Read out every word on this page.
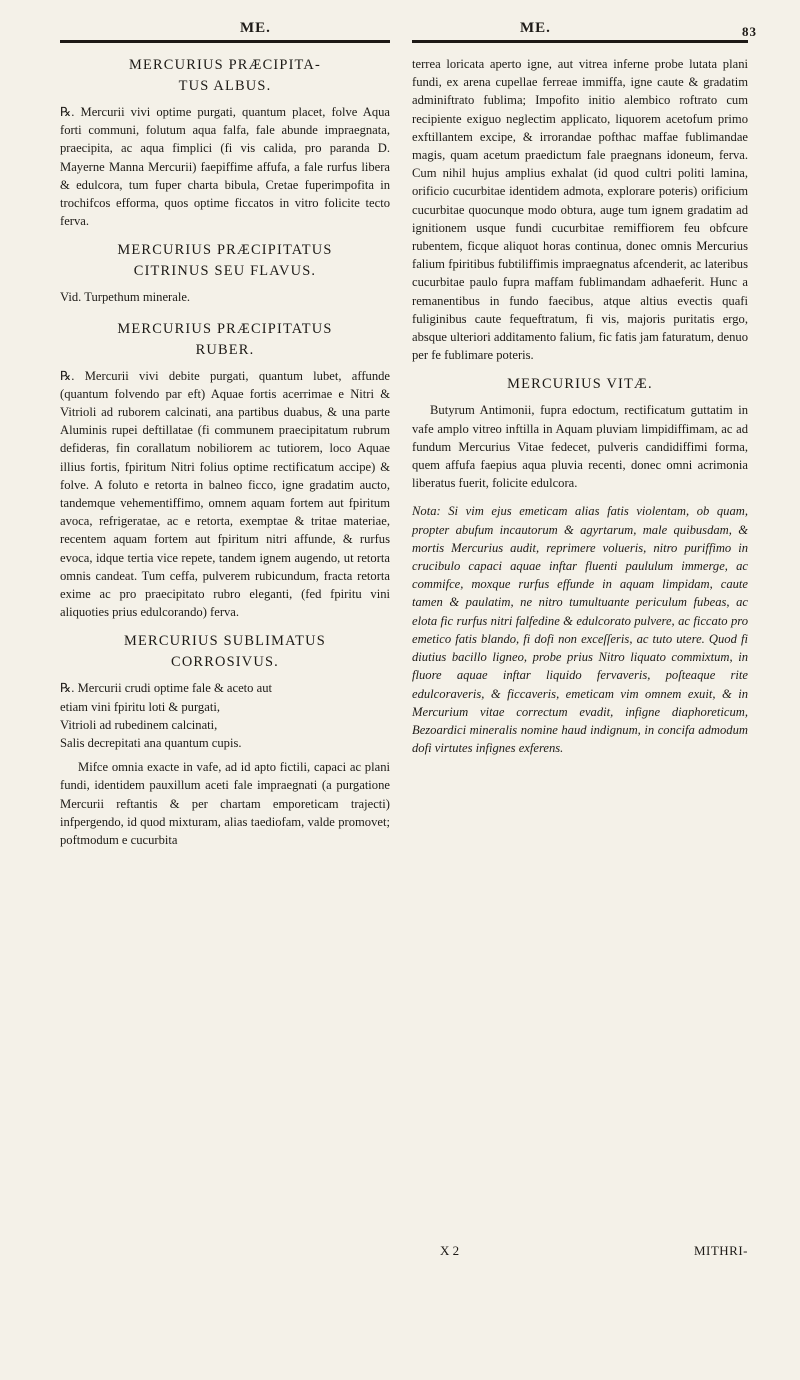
ME.	ME.	83
MERCURIUS PRÆCIPITA-
TUS ALBUS.

℞. Mercurii vivi optime purgati, quantum placet, folve Aqua forti communi, folutum aqua falfa, fale abunde impraegnata, praecipita, ac aqua fimplici (fi vis calida, pro paranda D. Mayerne Manna Mercurii) faepiffime affufa, a fale rurfus libera & edulcora, tum fuper charta bibula, Cretae fuperimpofita in trochifcos efforma, quos optime ficcatos in vitro folicite tecto ferva.

MERCURIUS PRÆCIPITATUS
CITRINUS SEU FLAVUS.

Vid. Turpethum minerale.

MERCURIUS PRÆCIPITATUS
RUBER.

℞. Mercurii vivi debite purgati, quantum lubet, affunde (quantum folvendo par eft) Aquae fortis acerrimae e Nitri & Vitrioli ad ruborem calcinati, ana partibus duabus, & una parte Aluminis rupei deftillatae (fi communem praecipitatum rubrum defideras, fin corallatum nobiliorem ac tutiorem, loco Aquae illius fortis, fpiritum Nitri folius optime rectificatum accipe) & folve. A foluto e retorta in balneo ficco, igne gradatim aucto, tandemque vehementiffimo, omnem aquam fortem aut fpiritum avoca, refrigeratae, ac e retorta, exemptae & tritae materiae, recentem aquam fortem aut fpiritum nitri affunde, & rurfus evoca, idque tertia vice repete, tandem ignem augendo, ut retorta omnis candeat. Tum ceffa, pulverem rubicundum, fracta retorta exime ac pro praecipitato rubro eleganti, (fed fpiritu vini aliquoties prius edulcorando) ferva.

MERCURIUS SUBLIMATUS
CORROSIVUS.

℞. Mercurii crudi optime fale & aceto aut

etiam vini fpiritu loti & purgati,

Vitrioli ad rubedinem calcinati,

Salis decrepitati ana quantum cupis.

Mifce omnia exacte in vafe, ad id apto fictili, capaci ac plani fundi, identidem pauxillum aceti fale impraegnati (a purgatione Mercurii reftantis & per chartam emporeticam trajecti) infpergendo, id quod mixturam, alias taediofam, valde promovet; poftmodum e cucurbita

terrea loricata aperto igne, aut vitrea inferne probe lutata plani fundi, ex arena cupellae ferreae immiffa, igne caute & gradatim adminiftrato fublima; Impofito initio alembico roftrato cum recipiente exiguo neglectim applicato, liquorem acetofum primo exftillantem excipe, & irrorandae pofthac maffae fublimandae magis, quam acetum praedictum fale praegnans idoneum, ferva. Cum nihil hujus amplius exhalat (id quod cultri politi lamina, orificio cucurbitae identidem admota, explorare poteris) orificium cucurbitae quocunque modo obtura, auge tum ignem gradatim ad ignitionem usque fundi cucurbitae remiffiorem feu obfcure rubentem, ficque aliquot horas continua, donec omnis Mercurius falium fpiritibus fubtiliffimis impraegnatus afcenderit, ac lateribus cucurbitae paulo fupra maffam fublimandam adhaeferit. Hunc a remanentibus in fundo faecibus, atque altius evectis quafi fuliginibus caute fequeftratum, fi vis, majoris puritatis ergo, absque ulteriori additamento falium, fic fatis jam faturatum, denuo per fe fublimare poteris.

MERCURIUS VITÆ.

Butyrum Antimonii, fupra edoctum, rectificatum guttatim in vafe amplo vitreo inftilla in Aquam pluviam limpidiffimam, ac ad fundum Mercurius Vitae fedecet, pulveris candidiffimi forma, quem affufa faepius aqua pluvia recenti, donec omni acrimonia liberatus fuerit, folicite edulcora.

Nota: Si vim ejus emeticam alias fatis violentam, ob quam, propter abufum incautorum & agyrtarum, male quibusdam, & mortis Mercurius audit, reprimere volueris, nitro puriffimo in crucibulo capaci aquae inftar fluenti paululum immerge, ac commifce, moxque rurfus effunde in aquam limpidam, caute tamen & paulatim, ne nitro tumultuante periculum fubeas, ac elota fic rurfus nitri falfedine & edulcorato pulvere, ac ficcato pro emetico fatis blando, fi dofi non exceſſeris, ac tuto utere. Quod fi diutius bacillo ligneo, probe prius Nitro liquato commixtum, in fluore aquae inftar liquido fervaveris, poſteaque rite edulcoraveris, & ficcaveris, emeticam vim omnem exuit, & in Mercurium vitae correctum evadit, infigne diaphoreticum, Bezoardici mineralis nomine haud indignum, in concifa admodum dofi virtutes infignes exferens.

X 2	MITHRI-
